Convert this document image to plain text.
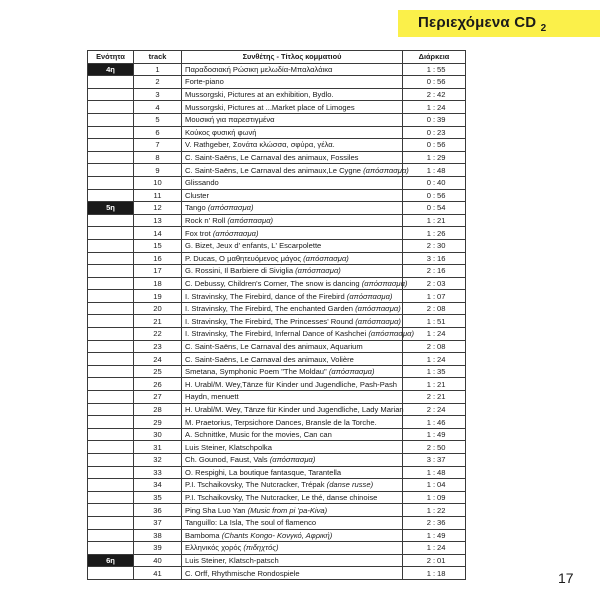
Περιεχόμενα CD $_2$
Ενότητα	track	Συνθέτης - Τίτλος κομματιού	Διάρκεια
4η	1	Παραδοσιακή Ρώσικη μελωδία-Μπαλαλάικα	1 : 55

	2	Forte-piano	0 : 56

	3	Mussorgski, Pictures at an exhibition, Bydlo.	2 : 42

	4	Mussorgski, Pictures at ...Market place of Limoges	1 : 24

	5	Μουσική για παρεστιγμένα	0 : 39

	6	Κούκος φυσική φωνή	0 : 23

	7	V. Rathgeber, Σονάτα κλώσσα, σφύρα, γέλα.	0 : 56

	8	C. Saint-Saëns, Le Carnaval des animaux, Fossiles	1 : 29

	9	C. Saint-Saëns, Le Carnaval des animaux,Le Cygne (απόσπασμα)	1 : 48

	10	Glissando	0 : 40

	11	Cluster	0 : 56

5η	12	Tango (απόσπασμα)	0 : 54

	13	Rock n' Roll (απόσπασμα)	1 : 21

	14	Fox trot (απόσπασμα)	1 : 26

	15	G. Bizet, Jeux d' enfants, L' Escarpolette	2 : 30

	16	P. Ducas, Ο μαθητευόμενος μάγος (απόσπασμα)	3 : 16

	17	G. Rossini, Il Barbiere di Siviglia (απόσπασμα)	2 : 16

	18	C. Debussy, Children's Corner, The snow is dancing (απόσπασμα)	2 : 03

	19	I. Stravinsky, The Firebird, dance of the Firebird (απόσπασμα)	1 : 07

	20	I. Stravinsky, The Firebird, The enchanted Garden (απόσπασμα)	2 : 08

	21	I. Stravinsky, The Firebird, The Princesses' Round (απόσπασμα)	1 : 51

	22	I. Stravinsky, The Firebird, Infernal Dance of Kashchei (απόσπασμα)	1 : 24

	23	C. Saint-Saëns, Le Carnaval des animaux, Aquarium	2 : 08

	24	C. Saint-Saëns, Le Carnaval des animaux, Volière	1 : 24

	25	Smetana, Symphonic Poem "The Moldau" (απόσπασμα)	1 : 35

	26	H. Urabl/M. Wey,Tänze für Kinder und Jugendliche, Pash-Pash	1 : 21

	27	Haydn, menuett	2 : 21

	28	H. Urabl/M. Wey, Tänze für Kinder und Jugendliche, Lady Marian	2 : 24

	29	M. Praetorius, Terpsichore Dances, Bransle de la Torche.	1 : 46

	30	A. Schnittke, Music for the movies, Can can	1 : 49

	31	Luis Steiner, Klatschpolka	2 : 50

	32	Ch. Gounod, Faust, Vals (απόσπασμα)	3 : 37

	33	O. Respighi, La boutique fantasque, Tarantella	1 : 48

	34	P.I. Tschaikovsky, The Nutcracker, Trépak (danse russe)	1 : 04

	35	P.I. Tschaikovsky, The Nutcracker, Le thé, danse chinoise	1 : 09

	36	Ping Sha Luo Yan (Music from pi 'pa-Kiva)	1 : 22

	37	Tanguillo: La Isla, The soul of flamenco	2 : 36

	38	Bamboma (Chants Kongo- Κονγκό, Αφρική)	1 : 49

	39	Ελληνικός χορός (πιδηχτός)	1 : 24

6η	40	Luis Steiner, Klatsch-patsch	2 : 01

	41	C. Orff, Rhythmische Rondospiele	1 : 18	17
